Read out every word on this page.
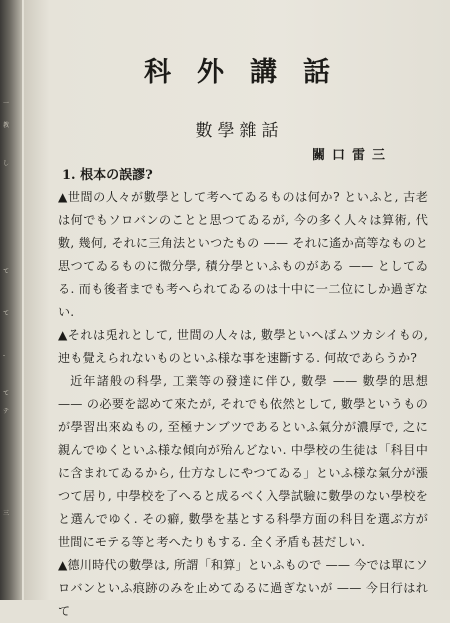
一
教
し
て
て
-
て
テ
三
科外講話
數學雜話
關口雷三
1. 根本の誤謬?

▲世間の人々が數學として考へてゐるものは何か? といふと, 古老は何でもソロバンのことと思つてゐるが, 今の多く人々は算術, 代數, 幾何, それに三角法といつたもの —— それに遙か高等なものと思つてゐるものに微分學, 積分學といふものがある —— としてゐる. 而も後者までも考へられてゐるのは十中に一二位にしか過ぎない.

▲それは兎れとして, 世間の人々は, 數學といへばムツカシイもの, 迚も覺えられないものといふ様な事を速斷する. 何故であらうか?

近年諸般の科學, 工業等の發達に伴ひ, 數學 —— 數學的思想 —— の必要を認めて來たが, それでも依然として, 數學というものが學習出來ぬもの, 至極ナンブツであるといふ氣分が濃厚で, 之に親んでゆくといふ様な傾向が殆んどない. 中學校の生徒は「科目中に含まれてゐるから, 仕方なしにやつてゐる」といふ様な氣分が漲つて居り, 中學校を了へると成るべく入學試驗に數學のない學校をと選んでゆく. その癖, 數學を基とする科學方面の科目を選ぶ方が世間にモテる等と考へたりもする. 全く矛盾も甚だしい.

▲德川時代の數學は, 所謂「和算」といふもので —— 今では單にソロバンといふ痕跡のみを止めてゐるに過ぎないが —— 今日行はれて
